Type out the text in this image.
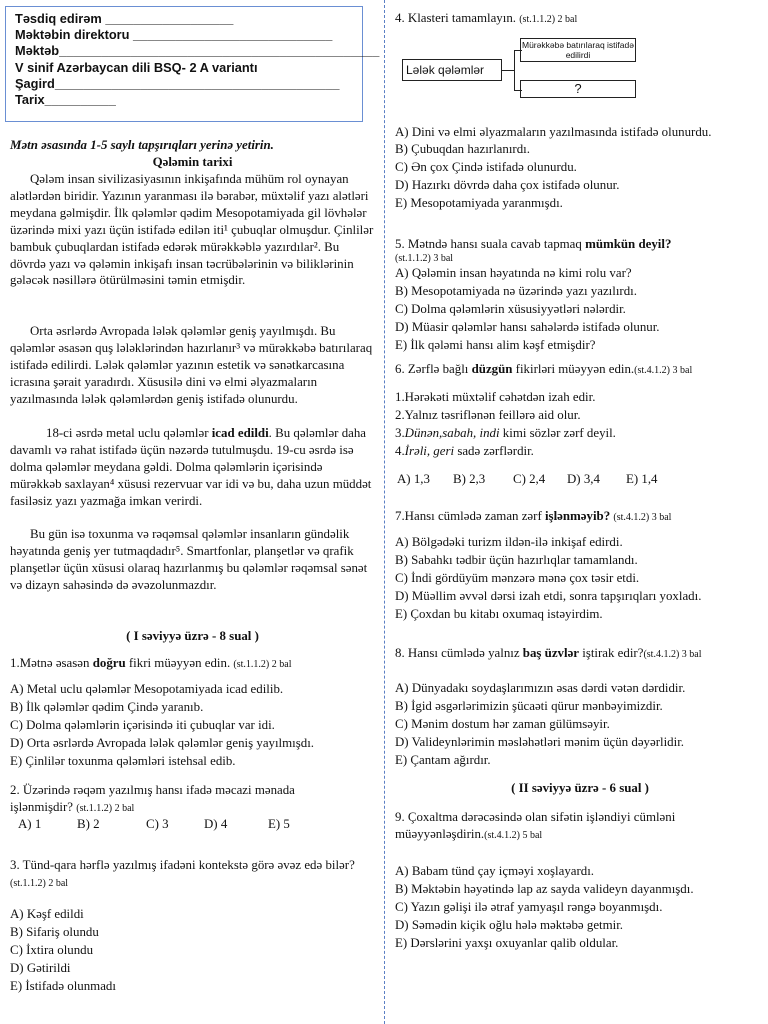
Təsdiq edirəm __________________
Məktəbin direktoru ____________________________
Məktəb_____________________________________________
V sinif Azərbaycan dili BSQ- 2 A variantı
Şagird________________________________________
Tarix__________
Mətn əsasında 1-5 saylı tapşırıqları yerinə yetirin.
Qələmin tarixi

Qələm insan sivilizasiyasının inkişafında mühüm rol oynayan alətlərdən biridir. Yazının yaranması ilə bərabər, müxtəlif yazı alətləri meydana gəlmişdir. İlk qələmlər qədim Mesopotamiyada gil lövhələr üzərində mixi yazı üçün istifadə edilən iti¹ çubuqlar olmuşdur. Çinlilər bambuk çubuqlardan istifadə edərək mürəkkəblə yazırdılar². Bu dövrdə yazı və qələmin inkişafı insan təcrübələrinin və biliklərinin gələcək nəsillərə ötürülməsini təmin etmişdir.

Orta əsrlərdə Avropada lələk qələmlər geniş yayılmışdı. Bu qələmlər əsasən quş lələklərindən hazırlanır³ və mürəkkəbə batırılaraq istifadə edilirdi. Lələk qələmlər yazının estetik və sənətkarcasına icrasına şərait yaradırdı. Xüsusilə dini və elmi əlyazmaların yazılmasında lələk qələmlərdən geniş istifadə olunurdu.

18-ci əsrdə metal uclu qələmlər icad edildi. Bu qələmlər daha davamlı və rahat istifadə üçün nəzərdə tutulmuşdu. 19-cu əsrdə isə dolma qələmlər meydana gəldi. Dolma qələmlərin içərisində mürəkkəb saxlayan⁴ xüsusi rezervuar var idi və bu, daha uzun müddət fasiləsiz yazı yazmağa imkan verirdi.

Bu gün isə toxunma və rəqəmsal qələmlər insanların gündəlik həyatında geniş yer tutmaqdadır⁵. Smartfonlar, planşetlər və qrafik planşetlər üçün xüsusi olaraq hazırlanmış bu qələmlər rəqəmsal sənət və dizayn sahəsində də əvəzolunmazdır.

( I səviyyə üzrə - 8 sual )
1.Mətnə əsasən doğru fikri müəyyən edin. (st.1.1.2) 2 bal
A) Metal uclu qələmlər Mesopotamiyada icad edilib.
B) İlk qələmlər qədim Çində yaranıb.
C) Dolma qələmlərin içərisində iti çubuqlar var idi.
D) Orta əsrlərdə Avropada lələk qələmlər geniş yayılmışdı.
E) Çinlilər toxunma qələmləri istehsal edib.
2. Üzərində rəqəm yazılmış hansı ifadə məcazi mənada işlənmişdir? (st.1.1.2) 2 bal
A) 1	B) 2	C) 3	D) 4	E) 5
3. Tünd-qara hərflə yazılmış ifadəni kontekstə görə əvəz edə bilər? (st.1.1.2) 2 bal
A) Kəşf edildi
B) Sifariş olundu
C) İxtira olundu
D) Gətirildi
E) İstifadə olunmadı
4. Klasteri tamamlayın. (st.1.1.2) 2 bal
Lələk qələmlər
Mürəkkəbə batırılaraq istifadə edilirdi
?
A) Dini və elmi əlyazmaların yazılmasında istifadə olunurdu.
B) Çubuqdan hazırlanırdı.
C) Ən çox Çində istifadə olunurdu.
D) Hazırkı dövrdə daha çox istifadə olunur.
E) Mesopotamiyada yaranmışdı.
5. Mətndə hansı suala cavab tapmaq mümkün deyil?
(st.1.1.2) 3 bal
A) Qələmin insan həyatında nə kimi rolu var?
B) Mesopotamiyada nə üzərində yazı yazılırdı.
C) Dolma qələmlərin xüsusiyyətləri nələrdir.
D) Müasir qələmlər hansı sahələrdə istifadə olunur.
E) İlk qələmi hansı alim kəşf etmişdir?
6. Zərflə bağlı düzgün fikirləri müəyyən edin.(st.4.1.2) 3 bal
1.Hərəkəti müxtəlif cəhətdən izah edir.
2.Yalnız təsriflənən feillərə aid olur.
3.Dünən,sabah, indi kimi sözlər zərf deyil.
4.İrəli, geri sadə zərflərdir.
A) 1,3 B) 2,3 C) 2,4 D) 3,4 E) 1,4
7.Hansı cümlədə zaman zərf işlənməyib? (st.4.1.2) 3 bal
A) Bölgədəki turizm ildən-ilə inkişaf edirdi.
B) Sabahkı tədbir üçün hazırlıqlar tamamlandı.
C) İndi gördüyüm mənzərə mənə çox təsir etdi.
D) Müəllim əvvəl dərsi izah etdi, sonra tapşırıqları yoxladı.
E) Çoxdan bu kitabı oxumaq istəyirdim.
8. Hansı cümlədə yalnız baş üzvlər iştirak edir?(st.4.1.2) 3 bal
A) Dünyadakı soydaşlarımızın əsas dərdi vətən dərdidir.
B) İgid əsgərlərimizin şücaəti qürur mənbəyimizdir.
C) Mənim dostum hər zaman gülümsəyir.
D) Valideynlərimin məsləhətləri mənim üçün dəyərlidir.
E) Çantam ağırdır.
( II səviyyə üzrə - 6 sual )
9. Çoxaltma dərəcəsində olan sifətin işləndiyi cümləni müəyyənləşdirin.(st.4.1.2) 5 bal
A) Babam tünd çay içməyi xoşlayardı.
B) Məktəbin həyətində lap az sayda valideyn dayanmışdı.
C) Yazın gəlişi ilə ətraf yamyaşıl rəngə boyanmışdı.
D) Səmədin kiçik oğlu hələ məktəbə getmir.
E) Dərslərini yaxşı oxuyanlar qalib oldular.
